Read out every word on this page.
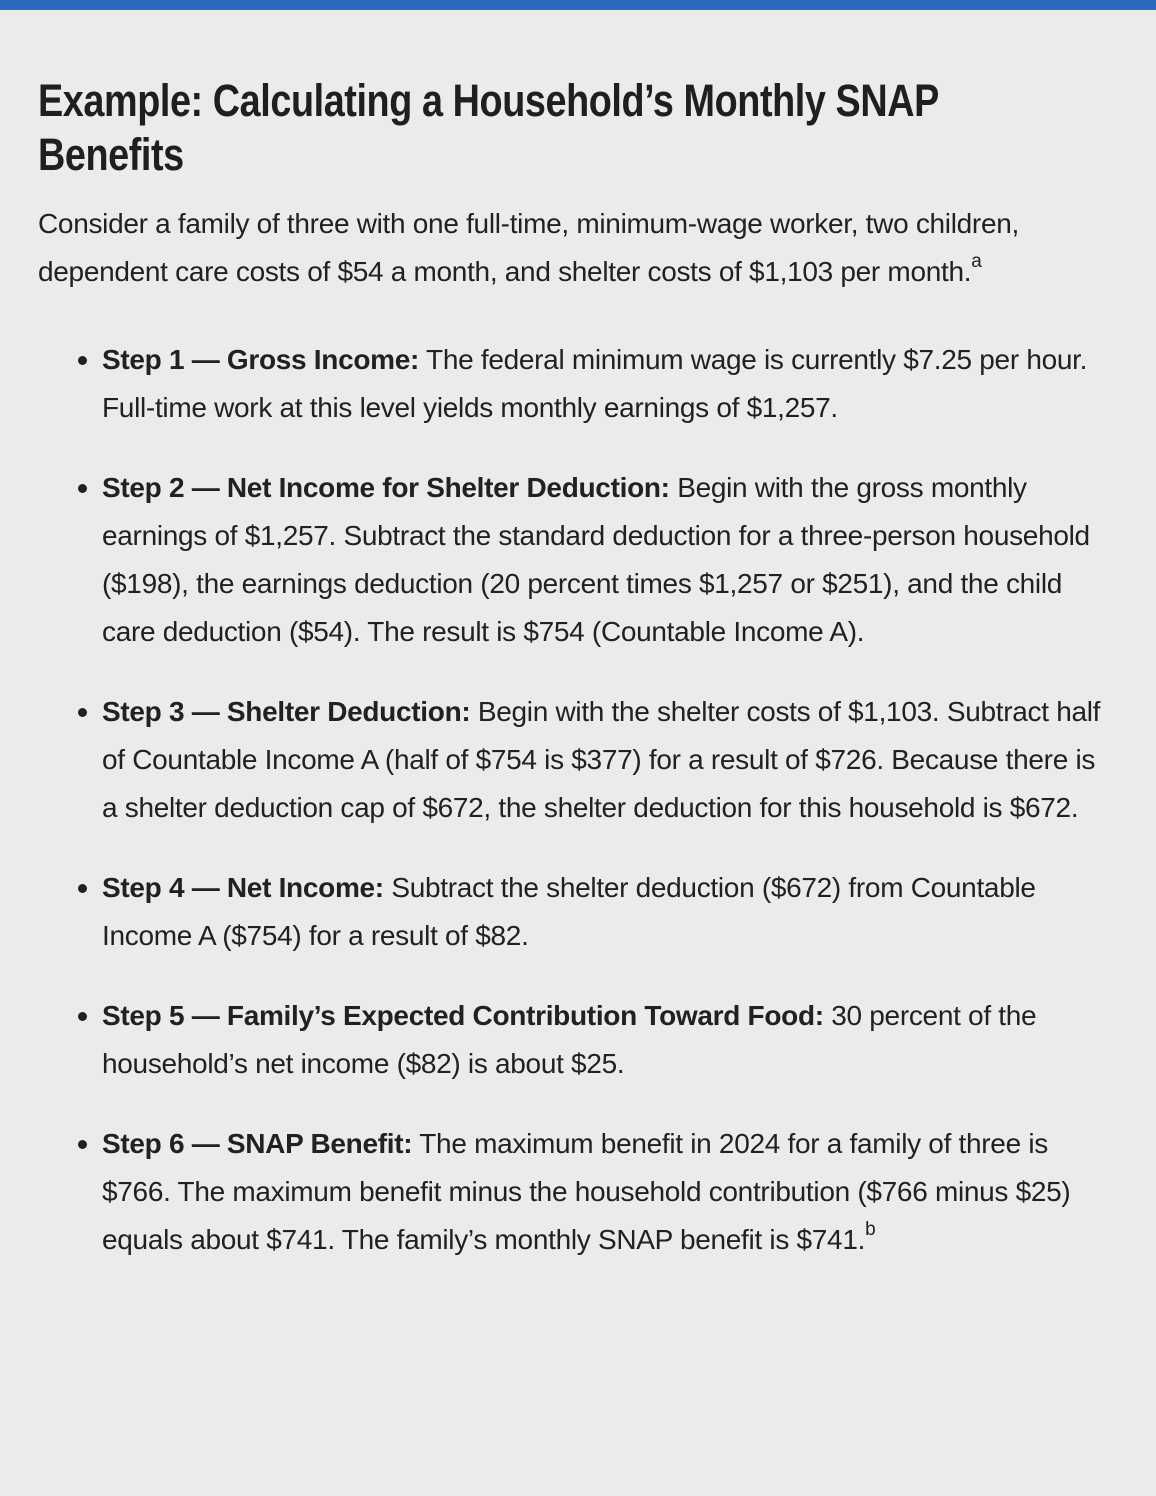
Example: Calculating a Household’s Monthly SNAP Benefits

Consider a family of three with one full-time, minimum-wage worker, two children, dependent care costs of $54 a month, and shelter costs of $1,103 per month.$^a$

Step 1 — Gross Income: The federal minimum wage is currently $7.25 per hour. Full-time work at this level yields monthly earnings of $1,257.
Step 2 — Net Income for Shelter Deduction: Begin with the gross monthly earnings of $1,257. Subtract the standard deduction for a three-person household ($198), the earnings deduction (20 percent times $1,257 or $251), and the child care deduction ($54). The result is $754 (Countable Income A).
Step 3 — Shelter Deduction: Begin with the shelter costs of $1,103. Subtract half of Countable Income A (half of $754 is $377) for a result of $726. Because there is a shelter deduction cap of $672, the shelter deduction for this household is $672.
Step 4 — Net Income: Subtract the shelter deduction ($672) from Countable Income A ($754) for a result of $82.
Step 5 — Family’s Expected Contribution Toward Food: 30 percent of the household’s net income ($82) is about $25.
Step 6 — SNAP Benefit: The maximum benefit in 2024 for a family of three is $766. The maximum benefit minus the household contribution ($766 minus $25) equals about $741. The family’s monthly SNAP benefit is $741.$^b$
